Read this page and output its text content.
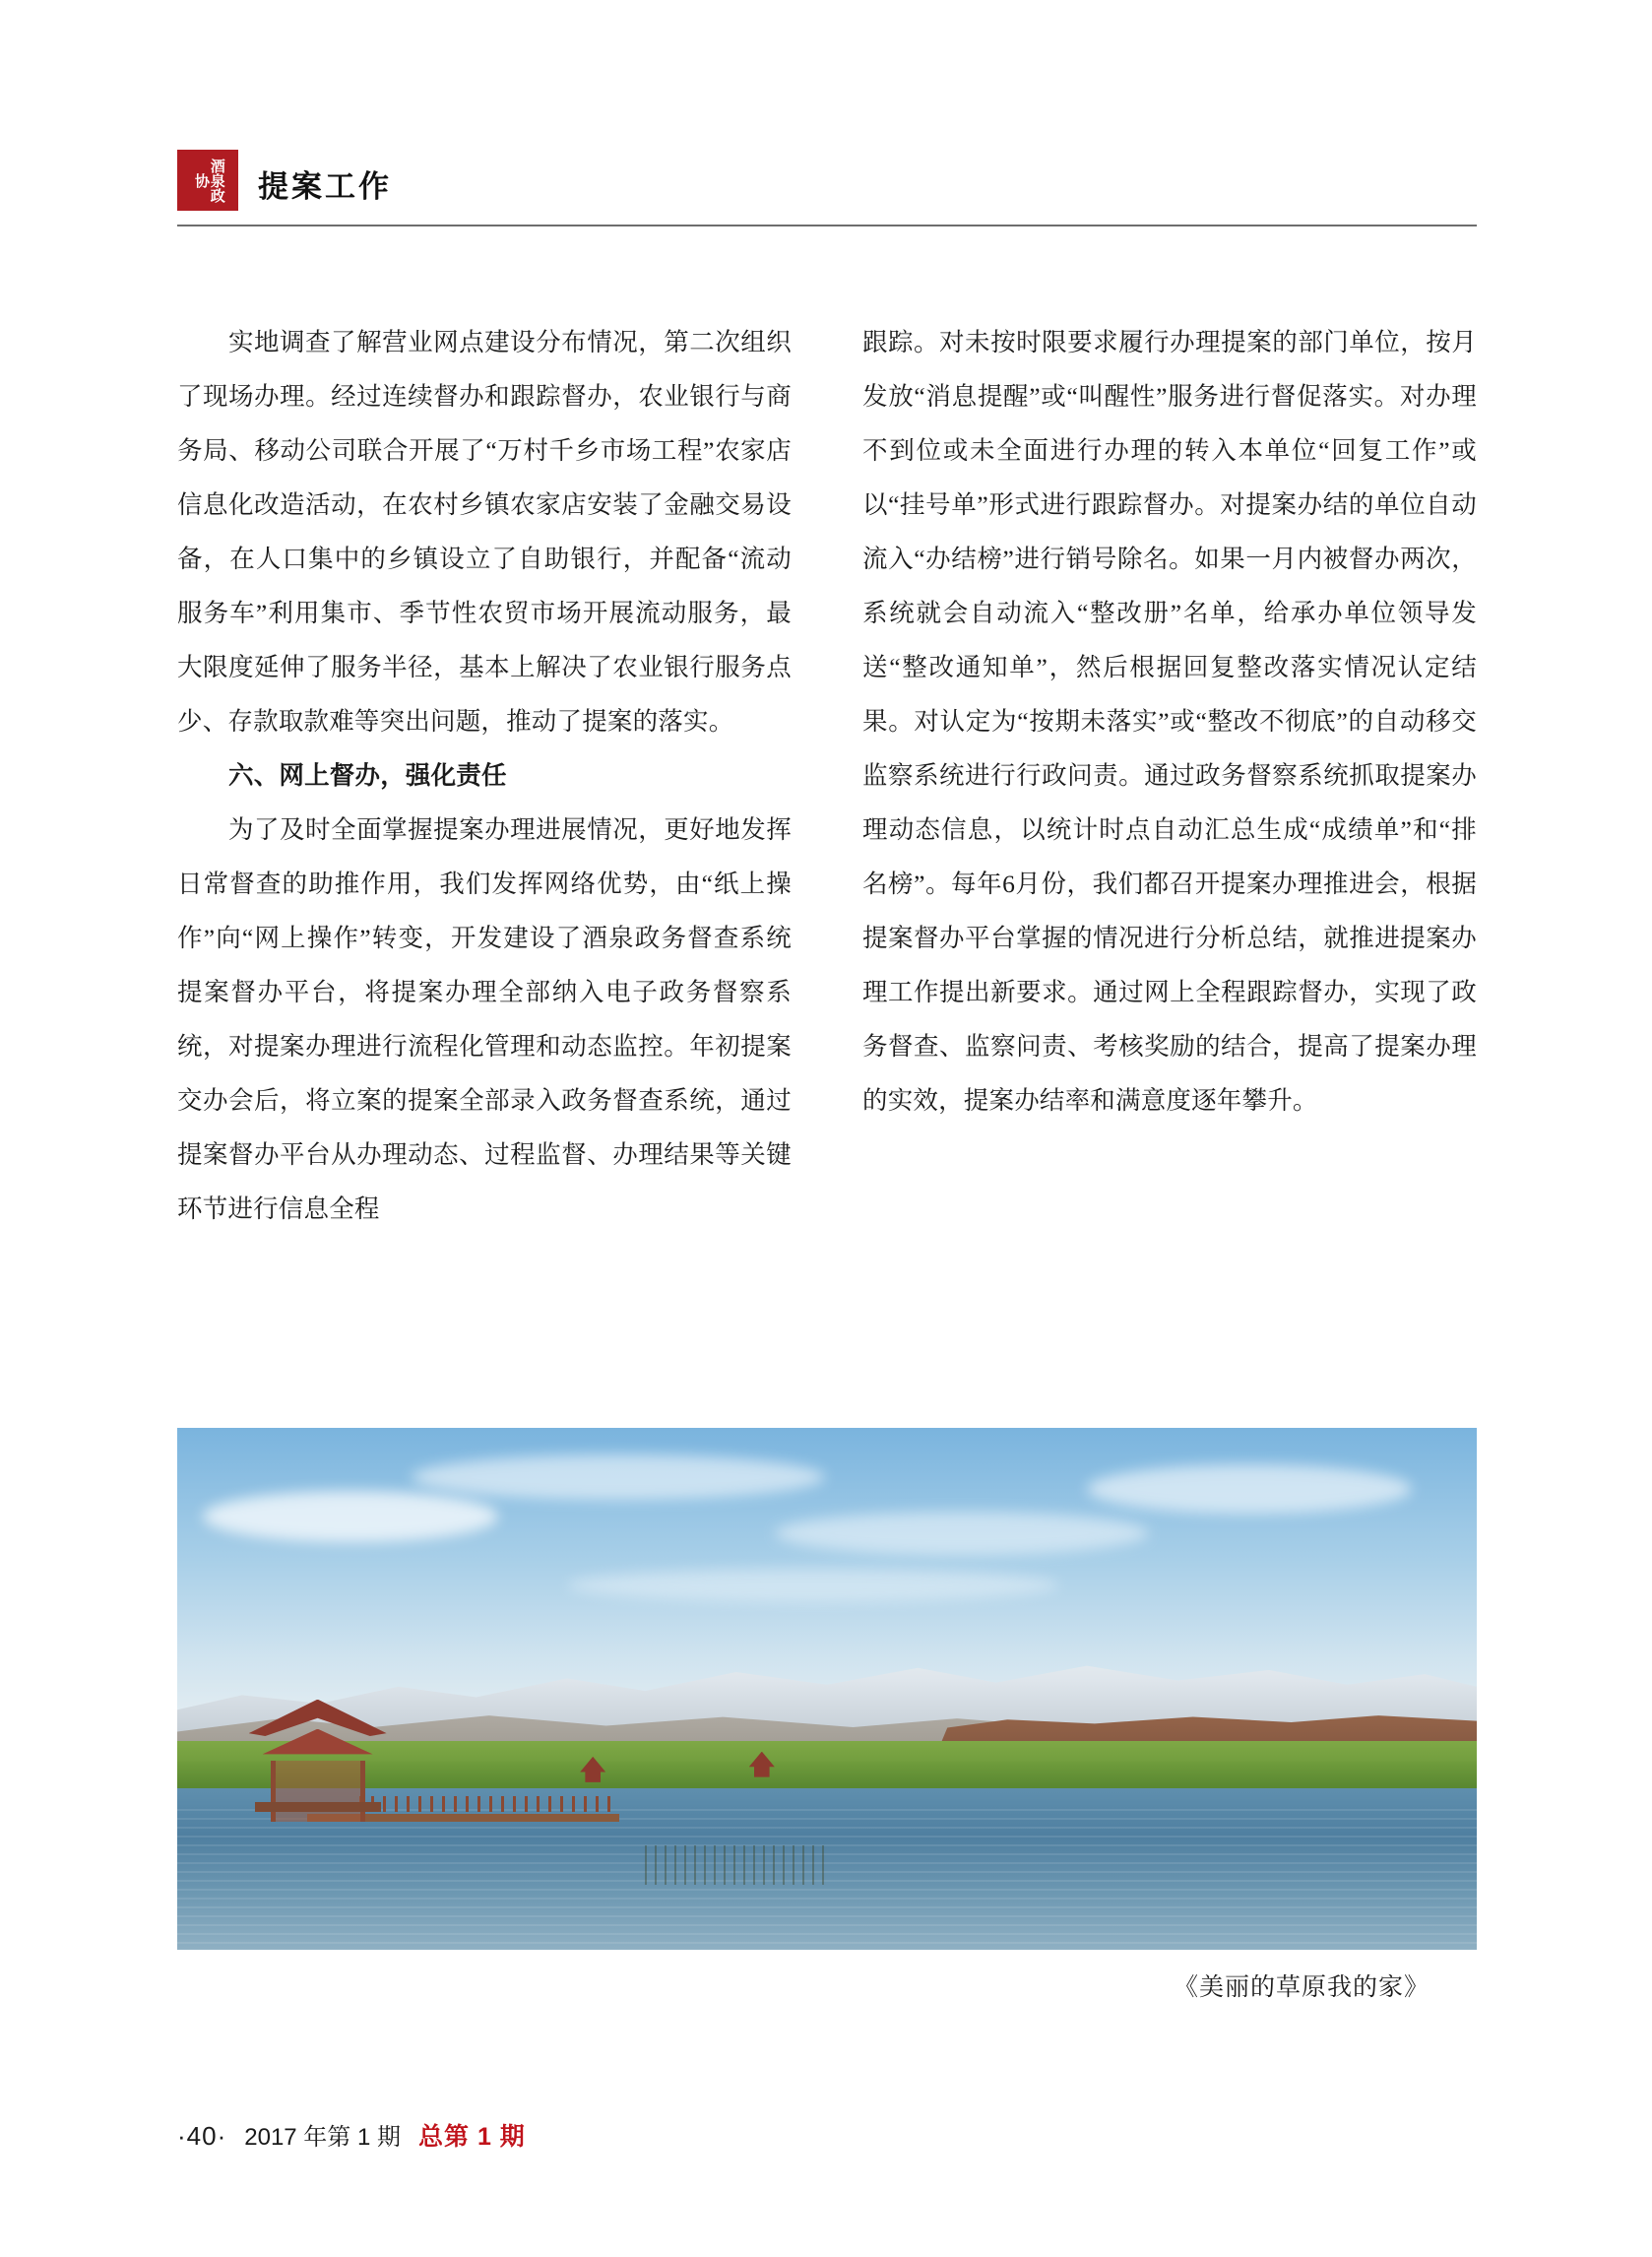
酒泉政协	提案工作

实地调查了解营业网点建设分布情况，第二次组织了现场办理。经过连续督办和跟踪督办，农业银行与商务局、移动公司联合开展了“万村千乡市场工程”农家店信息化改造活动，在农村乡镇农家店安装了金融交易设备，在人口集中的乡镇设立了自助银行，并配备“流动服务车”利用集市、季节性农贸市场开展流动服务，最大限度延伸了服务半径，基本上解决了农业银行服务点少、存款取款难等突出问题，推动了提案的落实。

六、网上督办，强化责任

为了及时全面掌握提案办理进展情况，更好地发挥日常督查的助推作用，我们发挥网络优势，由“纸上操作”向“网上操作”转变，开发建设了酒泉政务督查系统提案督办平台，将提案办理全部纳入电子政务督察系统，对提案办理进行流程化管理和动态监控。年初提案交办会后，将立案的提案全部录入政务督查系统，通过提案督办平台从办理动态、过程监督、办理结果等关键环节进行信息全程

跟踪。对未按时限要求履行办理提案的部门单位，按月发放“消息提醒”或“叫醒性”服务进行督促落实。对办理不到位或未全面进行办理的转入本单位“回复工作”或以“挂号单”形式进行跟踪督办。对提案办结的单位自动流入“办结榜”进行销号除名。如果一月内被督办两次，系统就会自动流入“整改册”名单，给承办单位领导发送“整改通知单”，然后根据回复整改落实情况认定结果。对认定为“按期未落实”或“整改不彻底”的自动移交监察系统进行行政问责。通过政务督察系统抓取提案办理动态信息，以统计时点自动汇总生成“成绩单”和“排名榜”。每年6月份，我们都召开提案办理推进会，根据提案督办平台掌握的情况进行分析总结，就推进提案办理工作提出新要求。通过网上全程跟踪督办，实现了政务督查、监察问责、考核奖励的结合，提高了提案办理的实效，提案办结率和满意度逐年攀升。

《美丽的草原我的家》
·40· 2017 年第 1 期 总第 1 期
